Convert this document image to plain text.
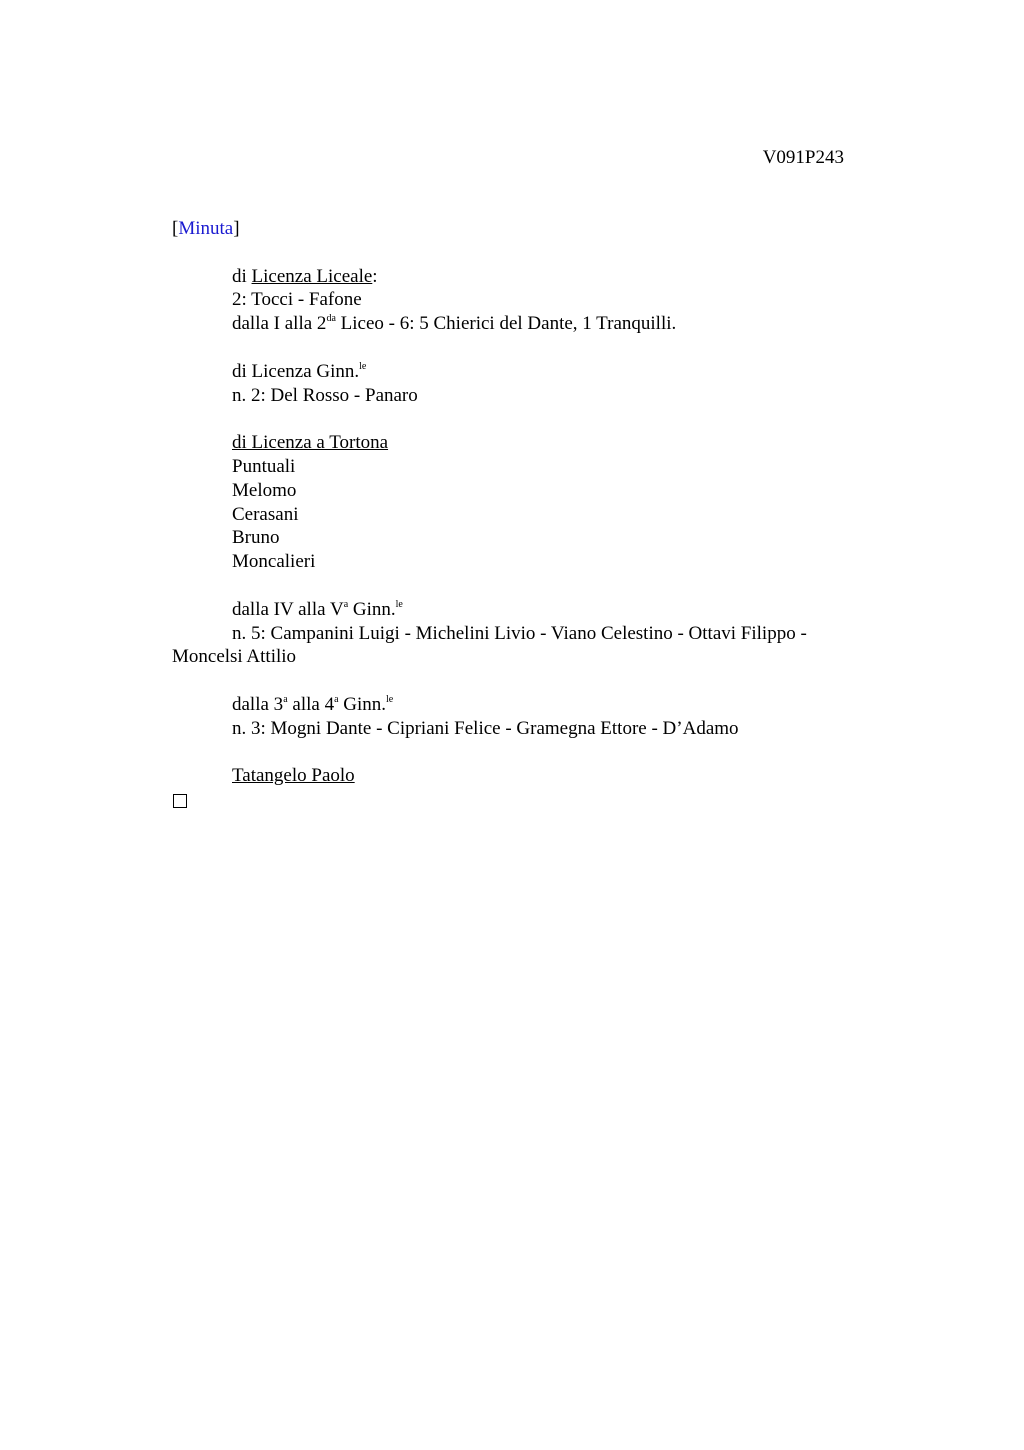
V091P243
[Minuta]
di Licenza Liceale:
2: Tocci - Fafone
dalla I alla $2^{da}$ Liceo - 6: 5 Chierici del Dante, 1 Tranquilli.
di Licenza Ginn.$^{le}$
n. 2: Del Rosso - Panaro
di Licenza a Tortona
Puntuali
Melomo
Cerasani
Bruno
Moncalieri
dalla IV alla $V^a$ Ginn.$^{le}$
n. 5: Campanini Luigi - Michelini Livio - Viano Celestino - Ottavi Filippo - Moncelsi Attilio
dalla 3$^a$ alla 4$^a$ Ginn.$^{le}$
n. 3: Mogni Dante - Cipriani Felice - Gramegna Ettore - D’Adamo
Tatangelo Paolo
